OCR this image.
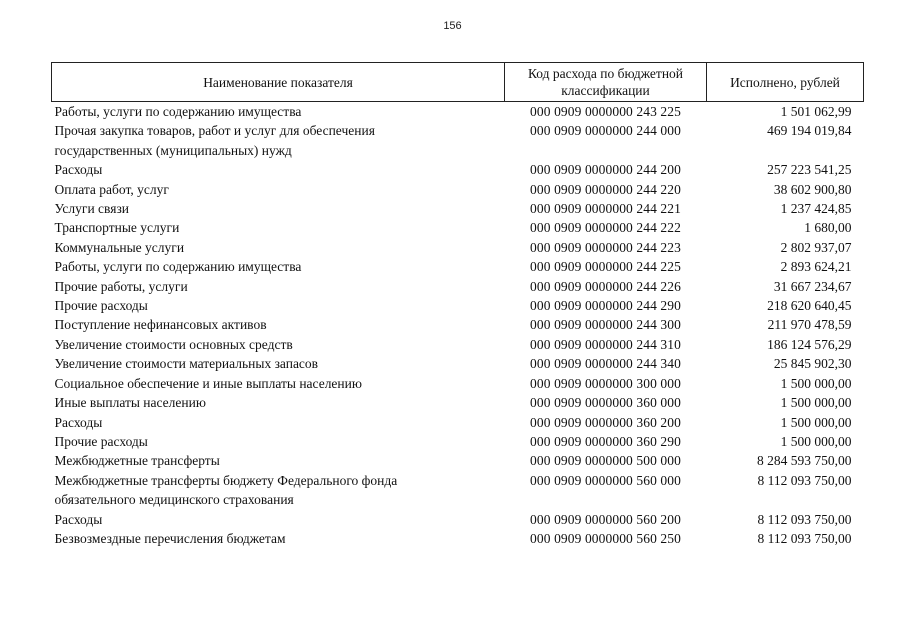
156
Наименование показателя	Код расхода по бюджетной классификации	Исполнено, рублей
Работы, услуги по содержанию имущества	000 0909 0000000 243 225	1 501 062,99
Прочая закупка товаров, работ и услуг для обеспечения государственных (муниципальных) нужд	000 0909 0000000 244 000	469 194 019,84
Расходы	000 0909 0000000 244 200	257 223 541,25
Оплата работ, услуг	000 0909 0000000 244 220	38 602 900,80
Услуги связи	000 0909 0000000 244 221	1 237 424,85
Транспортные услуги	000 0909 0000000 244 222	1 680,00
Коммунальные услуги	000 0909 0000000 244 223	2 802 937,07
Работы, услуги по содержанию имущества	000 0909 0000000 244 225	2 893 624,21
Прочие работы, услуги	000 0909 0000000 244 226	31 667 234,67
Прочие расходы	000 0909 0000000 244 290	218 620 640,45
Поступление нефинансовых активов	000 0909 0000000 244 300	211 970 478,59
Увеличение стоимости основных средств	000 0909 0000000 244 310	186 124 576,29
Увеличение стоимости материальных запасов	000 0909 0000000 244 340	25 845 902,30
Социальное обеспечение и иные выплаты населению	000 0909 0000000 300 000	1 500 000,00
Иные выплаты населению	000 0909 0000000 360 000	1 500 000,00
Расходы	000 0909 0000000 360 200	1 500 000,00
Прочие расходы	000 0909 0000000 360 290	1 500 000,00
Межбюджетные трансферты	000 0909 0000000 500 000	8 284 593 750,00
Межбюджетные трансферты бюджету Федерального фонда обязательного медицинского страхования	000 0909 0000000 560 000	8 112 093 750,00
Расходы	000 0909 0000000 560 200	8 112 093 750,00
Безвозмездные перечисления бюджетам	000 0909 0000000 560 250	8 112 093 750,00
